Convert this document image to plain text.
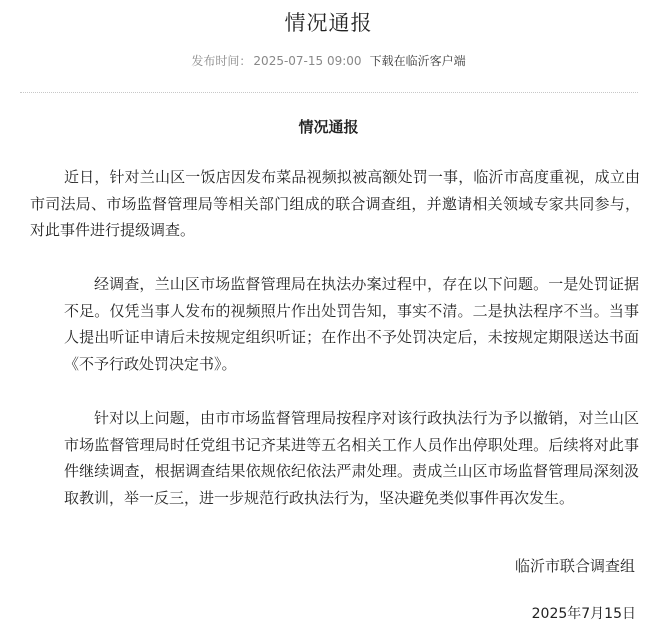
情况通报
发布时间： 2025-07-15 09:00 下载在临沂客户端
情况通报

近日，针对兰山区一饭店因发布菜品视频拟被高额处罚一事，临沂市高度重视，成立由市司法局、市场监督管理局等相关部门组成的联合调查组，并邀请相关领域专家共同参与，对此事件进行提级调查。

经调查，兰山区市场监督管理局在执法办案过程中，存在以下问题。一是处罚证据不足。仅凭当事人发布的视频照片作出处罚告知，事实不清。二是执法程序不当。当事人提出听证申请后未按规定组织听证；在作出不予处罚决定后，未按规定期限送达书面《不予行政处罚决定书》。

针对以上问题，由市市场监督管理局按程序对该行政执法行为予以撤销，对兰山区市场监督管理局时任党组书记齐某进等五名相关工作人员作出停职处理。后续将对此事件继续调查，根据调查结果依规依纪依法严肃处理。责成兰山区市场监督管理局深刻汲取教训，举一反三，进一步规范行政执法行为，坚决避免类似事件再次发生。

临沂市联合调查组
2025年7月15日
